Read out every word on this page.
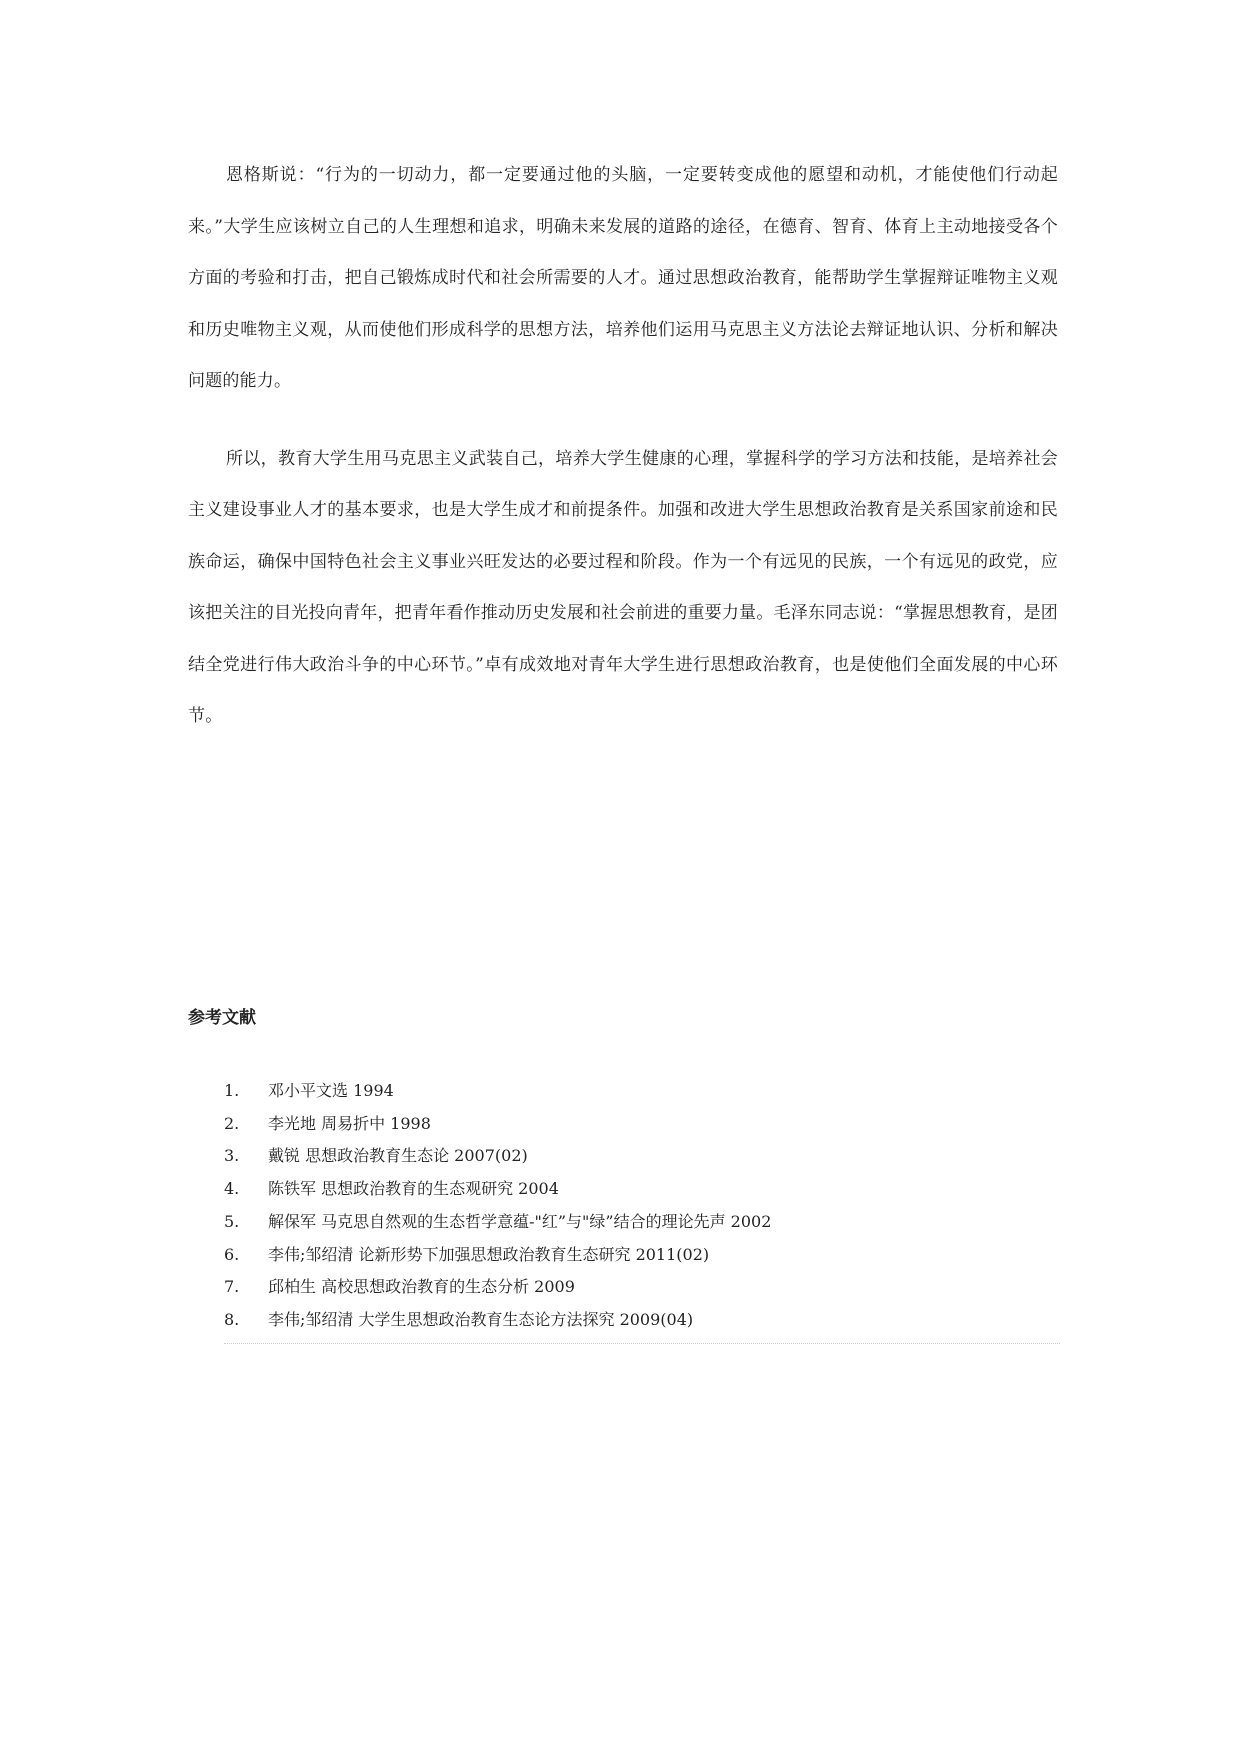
恩格斯说：“行为的一切动力，都一定要通过他的头脑，一定要转变成他的愿望和动机，才能使他们行动起来。”大学生应该树立自己的人生理想和追求，明确未来发展的道路的途径，在德育、智育、体育上主动地接受各个方面的考验和打击，把自己锻炼成时代和社会所需要的人才。通过思想政治教育，能帮助学生掌握辩证唯物主义观和历史唯物主义观，从而使他们形成科学的思想方法，培养他们运用马克思主义方法论去辩证地认识、分析和解决问题的能力。

所以，教育大学生用马克思主义武装自己，培养大学生健康的心理，掌握科学的学习方法和技能，是培养社会主义建设事业人才的基本要求，也是大学生成才和前提条件。加强和改进大学生思想政治教育是关系国家前途和民族命运，确保中国特色社会主义事业兴旺发达的必要过程和阶段。作为一个有远见的民族，一个有远见的政党，应该把关注的目光投向青年，把青年看作推动历史发展和社会前进的重要力量。毛泽东同志说：“掌握思想教育，是团结全党进行伟大政治斗争的中心环节。”卓有成效地对青年大学生进行思想政治教育，也是使他们全面发展的中心环节。

参考文献
1.	邓小平文选 1994
2.	李光地 周易折中 1998
3.	戴锐 思想政治教育生态论 2007(02)
4.	陈铁军 思想政治教育的生态观研究 2004
5.	解保军 马克思自然观的生态哲学意蕴-"红”与"绿”结合的理论先声 2002
6.	李伟;邹绍清 论新形势下加强思想政治教育生态研究 2011(02)
7.	邱柏生 高校思想政治教育的生态分析 2009
8.	李伟;邹绍清 大学生思想政治教育生态论方法探究 2009(04)
